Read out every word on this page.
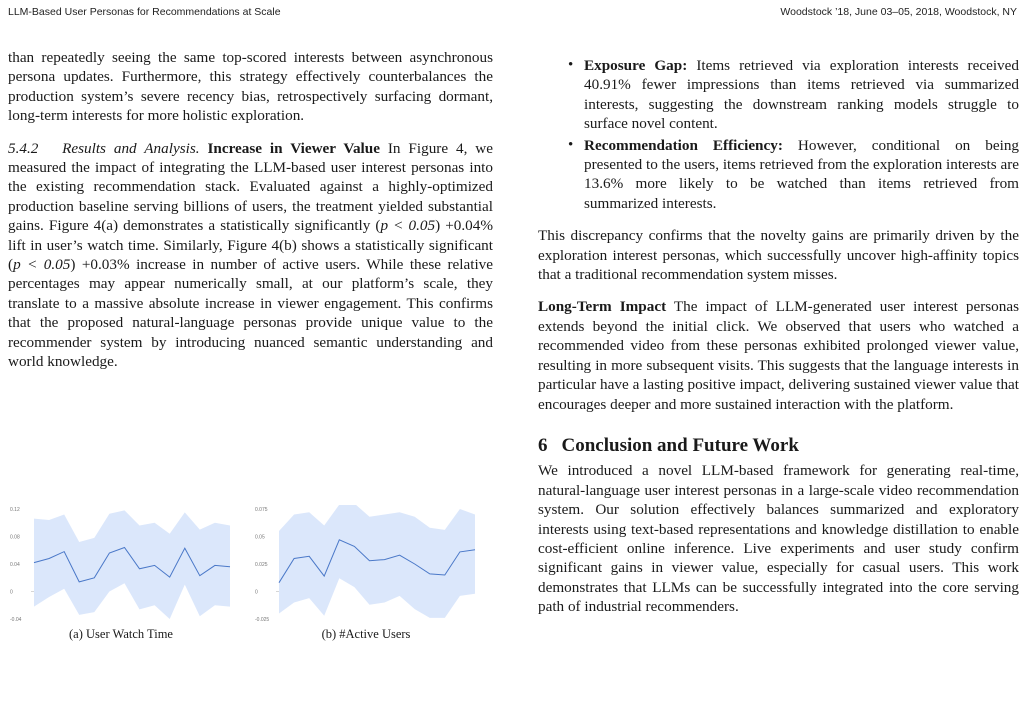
LLM-Based User Personas for Recommendations at Scale	Woodstock ’18, June 03–05, 2018, Woodstock, NY

than repeatedly seeing the same top-scored interests between asynchronous persona updates. Furthermore, this strategy effectively counterbalances the production system’s severe recency bias, retrospectively surfacing dormant, long-term interests for more holistic exploration.

5.4.2 Results and Analysis. Increase in Viewer Value In Figure 4, we measured the impact of integrating the LLM-based user interest personas into the existing recommendation stack. Evaluated against a highly-optimized production baseline serving billions of users, the treatment yielded substantial gains. Figure 4(a) demonstrates a statistically significantly (p < 0.05) +0.04% lift in user’s watch time. Similarly, Figure 4(b) shows a statistically significant (p < 0.05) +0.03% increase in number of active users. While these relative percentages may appear numerically small, at our platform’s scale, they translate to a massive absolute increase in viewer engagement. This confirms that the proposed natural-language personas provide unique value to the recommender system by introducing nuanced semantic understanding and world knowledge.

0.12
0.08
0.04
0
-0.04
(a) User Watch Time
0.075
0.05
0.025
0
-0.025
(b) #Active Users
• Exposure Gap: Items retrieved via exploration interests received 40.91% fewer impressions than items retrieved via summarized interests, suggesting the downstream ranking models struggle to surface novel content.
• Recommendation Efficiency: However, conditional on being presented to the users, items retrieved from the exploration interests are 13.6% more likely to be watched than items retrieved from summarized interests.

This discrepancy confirms that the novelty gains are primarily driven by the exploration interest personas, which successfully uncover high-affinity topics that a traditional recommendation system misses.

Long-Term Impact The impact of LLM-generated user interest personas extends beyond the initial click. We observed that users who watched a recommended video from these personas exhibited prolonged viewer value, resulting in more subsequent visits. This suggests that the language interests in particular have a lasting positive impact, delivering sustained viewer value that encourages deeper and more sustained interaction with the platform.

6 Conclusion and Future Work

We introduced a novel LLM-based framework for generating real-time, natural-language user interest personas in a large-scale video recommendation system. Our solution effectively balances summarized and exploratory interests using text-based representations and knowledge distillation to enable cost-efficient online inference. Live experiments and user study confirm significant gains in viewer value, especially for casual users. This work demonstrates that LLMs can be successfully integrated into the core serving path of industrial recommenders.
